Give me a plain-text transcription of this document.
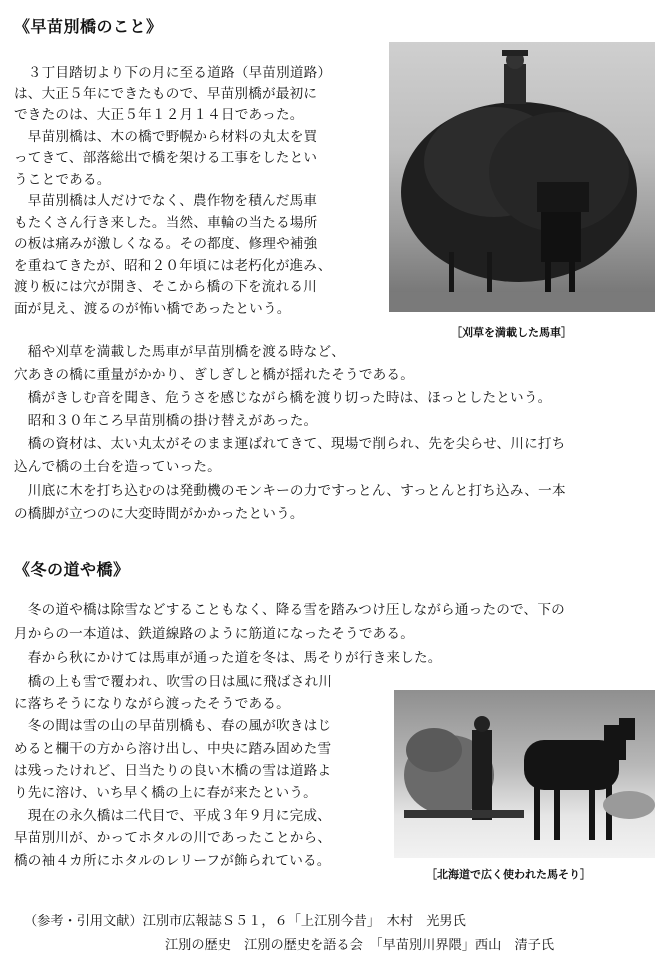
《早苗別橋のこと》
　３丁目踏切より下の月に至る道路（早苗別道路）
は、大正５年にできたもので、早苗別橋が最初に
できたのは、大正５年１２月１４日であった。
　早苗別橋は、木の橋で野幌から材料の丸太を買
ってきて、部落総出で橋を架ける工事をしたとい
うことである。
　早苗別橋は人だけでなく、農作物を積んだ馬車
もたくさん行き来した。当然、車輪の当たる場所
の板は痛みが激しくなる。その都度、修理や補強
を重ねてきたが、昭和２０年頃には老朽化が進み、
渡り板には穴が開き、そこから橋の下を流れる川
面が見え、渡るのが怖い橋であったという。
［刈草を満載した馬車］
　稲や刈草を満載した馬車が早苗別橋を渡る時など、
穴あきの橋に重量がかかり、ぎしぎしと橋が揺れたそうである。
　橋がきしむ音を聞き、危うさを感じながら橋を渡り切った時は、ほっとしたという。
　昭和３０年ころ早苗別橋の掛け替えがあった。
　橋の資材は、太い丸太がそのまま運ばれてきて、現場で削られ、先を尖らせ、川に打ち
込んで橋の土台を造っていった。
　川底に木を打ち込むのは発動機のモンキーの力ですっとん、すっとんと打ち込み、一本
の橋脚が立つのに大変時間がかかったという。
《冬の道や橋》
　冬の道や橋は除雪などすることもなく、降る雪を踏みつけ圧しながら通ったので、下の
月からの一本道は、鉄道線路のように筋道になったそうである。
　春から秋にかけては馬車が通った道を冬は、馬そりが行き来した。
　橋の上も雪で覆われ、吹雪の日は風に飛ばされ川
に落ちそうになりながら渡ったそうである。
　冬の間は雪の山の早苗別橋も、春の風が吹きはじ
めると欄干の方から溶け出し、中央に踏み固めた雪
は残ったけれど、日当たりの良い木橋の雪は道路よ
り先に溶け、いち早く橋の上に春が来たという。
　現在の永久橋は二代目で、平成３年９月に完成、
早苗別川が、かってホタルの川であったことから、
橋の袖４カ所にホタルのレリーフが飾られている。
［北海道で広く使われた馬そり］
（参考・引用文献）江別市広報誌Ｓ５１，６「上江別今昔」　木村　光男氏
江別の歴史　江別の歴史を語る会　「早苗別川界隈」西山　清子氏
